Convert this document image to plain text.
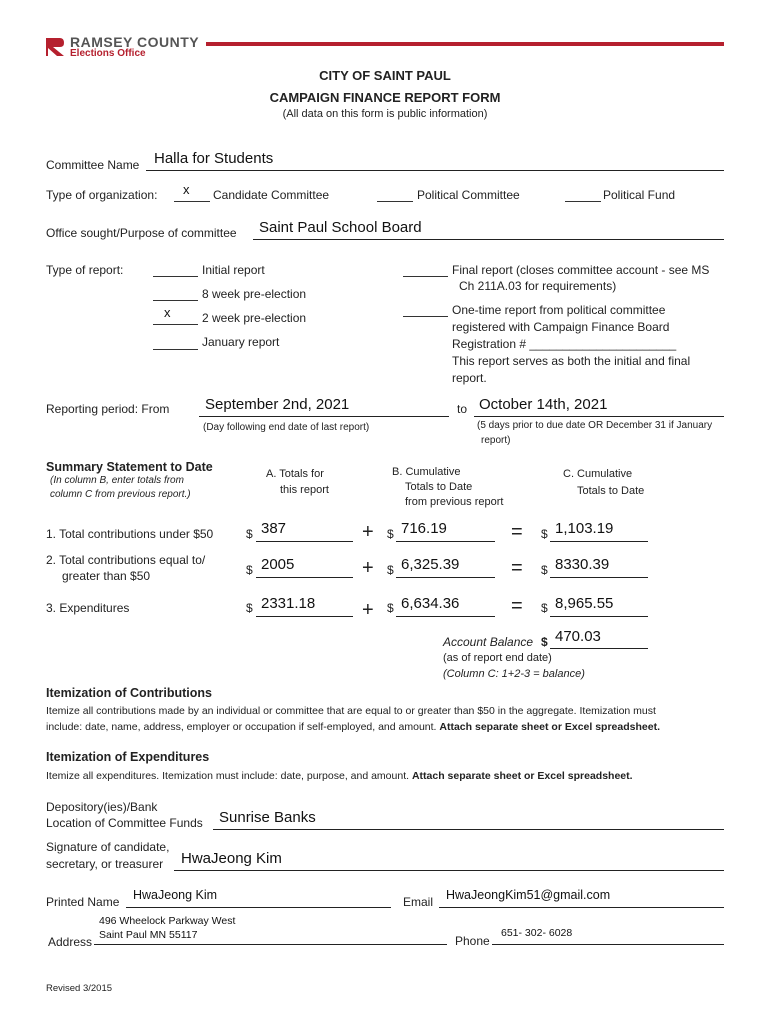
RAMSEY COUNTY
Elections Office
CITY OF SAINT PAUL
CAMPAIGN FINANCE REPORT FORM
(All data on this form is public information)
Committee Name Halla for Students
Type of organization: x Candidate Committee	Political Committee	Political Fund
Office sought/Purpose of committee Saint Paul School Board
Type of report:	Initial report
8 week pre-election
x	2 week pre-election
January report
Final report (closes committee account - see MS
Ch 211A.03 for requirements)
One-time report from political committee
registered with Campaign Finance Board
Registration # ______________________
This report serves as both the initial and final
report.
Reporting period: From September 2nd, 2021	to October 14th, 2021
(Day following end date of last report)	(5 days prior to due date OR December 31 if January
report)
Summary Statement to Date
(In column B, enter totals from
column C from previous report.)
A. Totals for
this report
B. Cumulative
Totals to Date
from previous report
C. Cumulative
Totals to Date
1. Total contributions under $50	$ 387	+ $ 716.19	= $ 1,103.19
2. Total contributions equal to/
greater than $50	$ 2005	+ $ 6,325.39	= $ 8330.39
3. Expenditures	$ 2331.18 + $ 6,634.36	= $ 8,965.55
Account Balance $ 470.03
(as of report end date)
(Column C: 1+2-3 = balance)
Itemization of Contributions
Itemize all contributions made by an individual or committee that are equal to or greater than $50 in the aggregate. Itemization must
include: date, name, address, employer or occupation if self-employed, and amount. Attach separate sheet or Excel spreadsheet.
Itemization of Expenditures
Itemize all expenditures. Itemization must include: date, purpose, and amount. Attach separate sheet or Excel spreadsheet.
Depository(ies)/Bank
Location of Committee Funds Sunrise Banks
Signature of candidate,
secretary, or treasurer HwaJeong Kim
Printed Name HwaJeong Kim	Email HwaJeongKim51@gmail.com
496 Wheelock Parkway West
Saint Paul MN 55117
Address	Phone
651- 302- 6028
Revised 3/2015
